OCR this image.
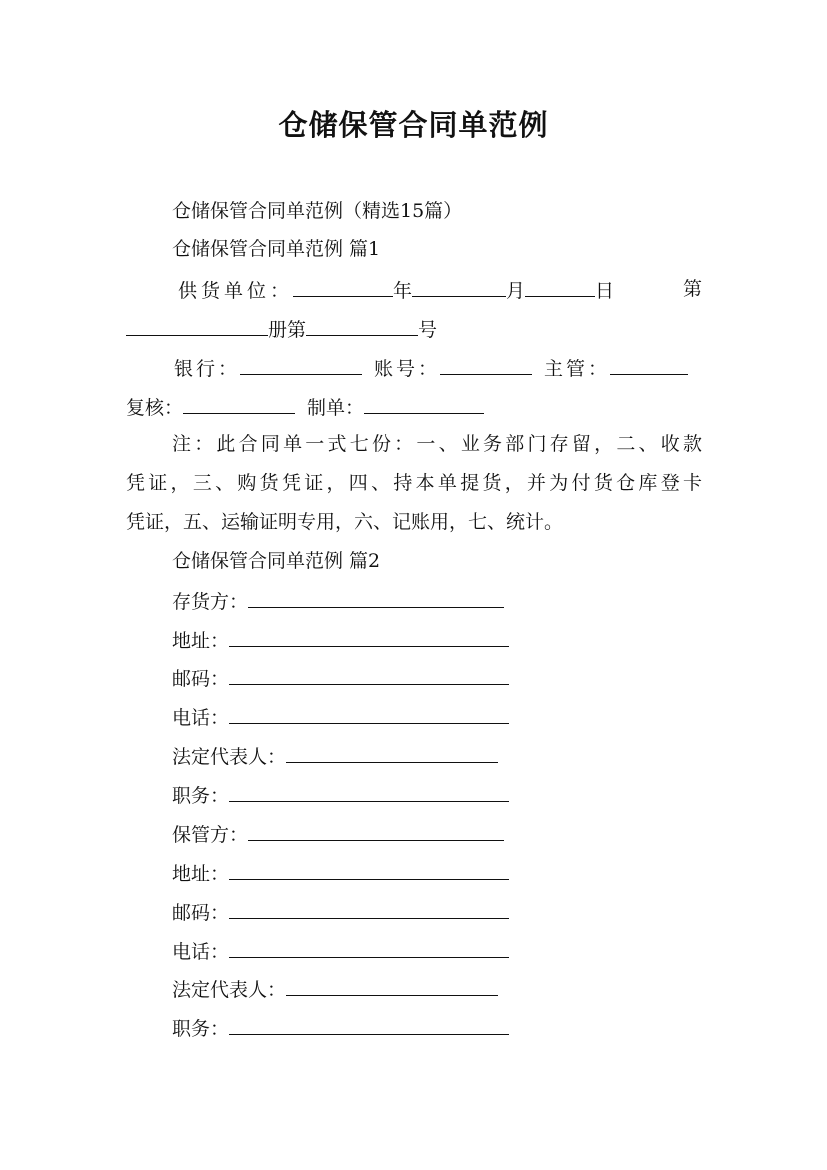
仓储保管合同单范例
仓储保管合同单范例（精选15篇）
仓储保管合同单范例 篇1
供货单位：	年	月	日	第
册第	号
银行：	账号：	主管：
复核：	制单：
注：此合同单一式七份：一、业务部门存留，二、收款
凭证，三、购货凭证，四、持本单提货，并为付货仓库登卡
凭证，五、运输证明专用，六、记账用，七、统计。
仓储保管合同单范例 篇2
存货方：
地址：
邮码：
电话：
法定代表人：
职务：
保管方：
地址：
邮码：
电话：
法定代表人：
职务：
